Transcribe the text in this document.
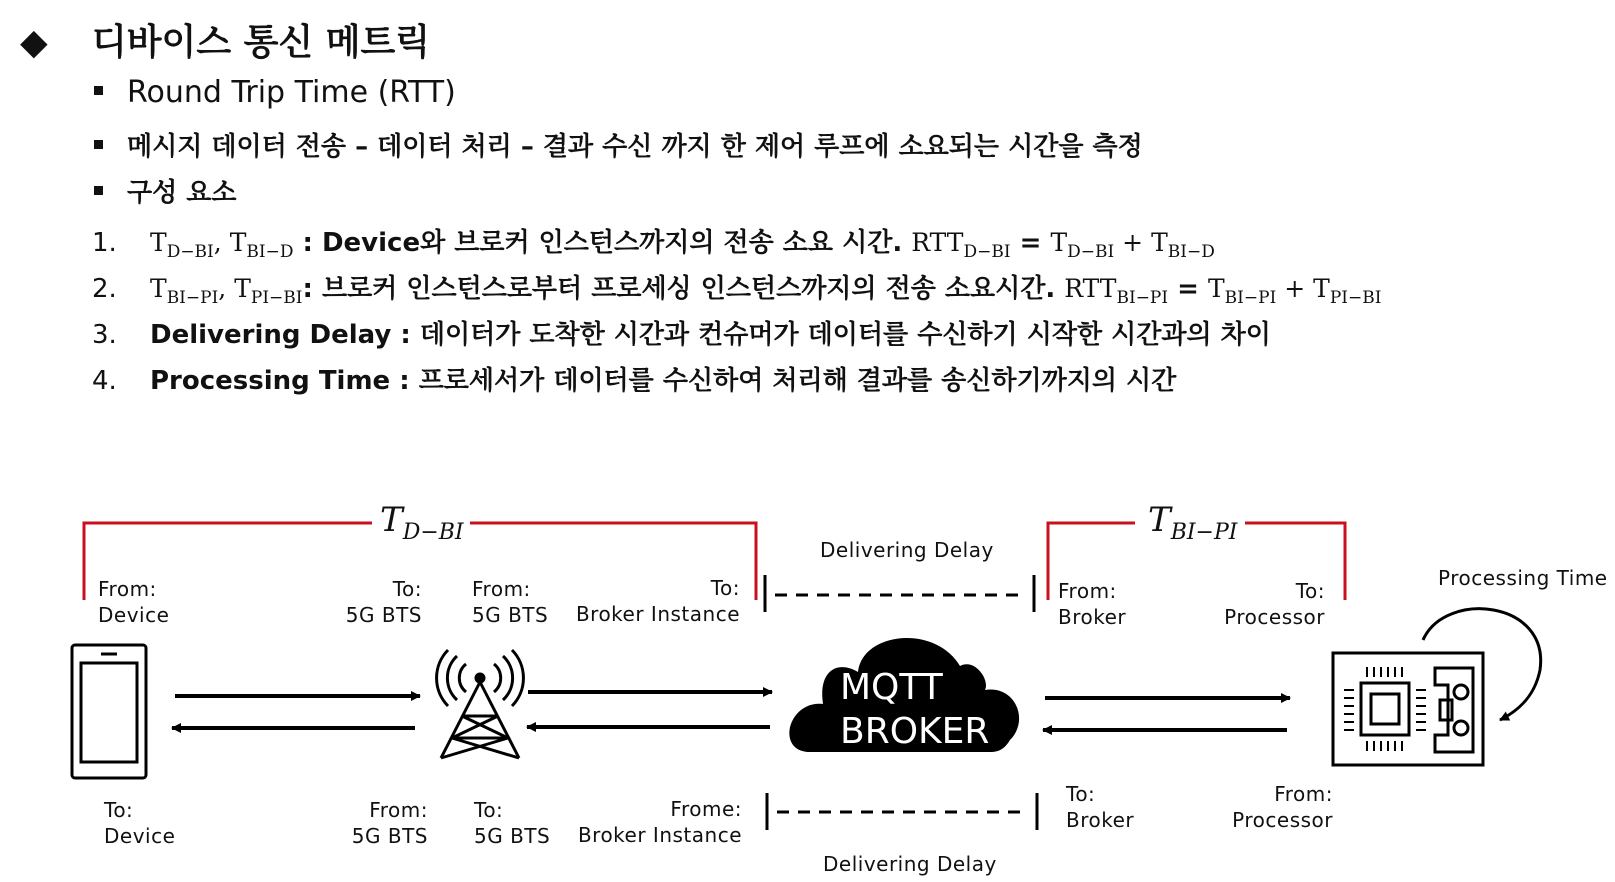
◆ 디바이스 통신 메트릭
Round Trip Time (RTT)
메시지 데이터 전송 – 데이터 처리 – 결과 수신 까지 한 제어 루프에 소요되는 시간을 측정
구성 요소
1. $T_{D-BI}$, $T_{BI-D}$ : Device와 브로커 인스턴스까지의 전송 소요 시간. $RTT_{D-BI} = T_{D-BI} + T_{BI-D}$
2. $T_{BI-PI}$, $T_{PI-BI}$: 브로커 인스턴스로부터 프로세싱 인스턴스까지의 전송 소요시간. $RTT_{BI-PI} = T_{BI-PI} + T_{PI-BI}$
3. Delivering Delay : 데이터가 도착한 시간과 컨슈머가 데이터를 수신하기 시작한 시간과의 차이
4. Processing Time : 프로세서가 데이터를 수신하여 처리해 결과를 송신하기까지의 시간
$T_{D-BI}$	$T_{BI-PI}$
MQTT
BROKER
From:
Device
To:
5G BTS
From:
5G BTS
To:
Broker Instance
Delivering Delay
From:
Broker
To:
Processor
Processing Time
To:
Device
From:
5G BTS
To:
5G BTS
Frome:
Broker Instance
Delivering Delay
To:
Broker
From:
Processor
